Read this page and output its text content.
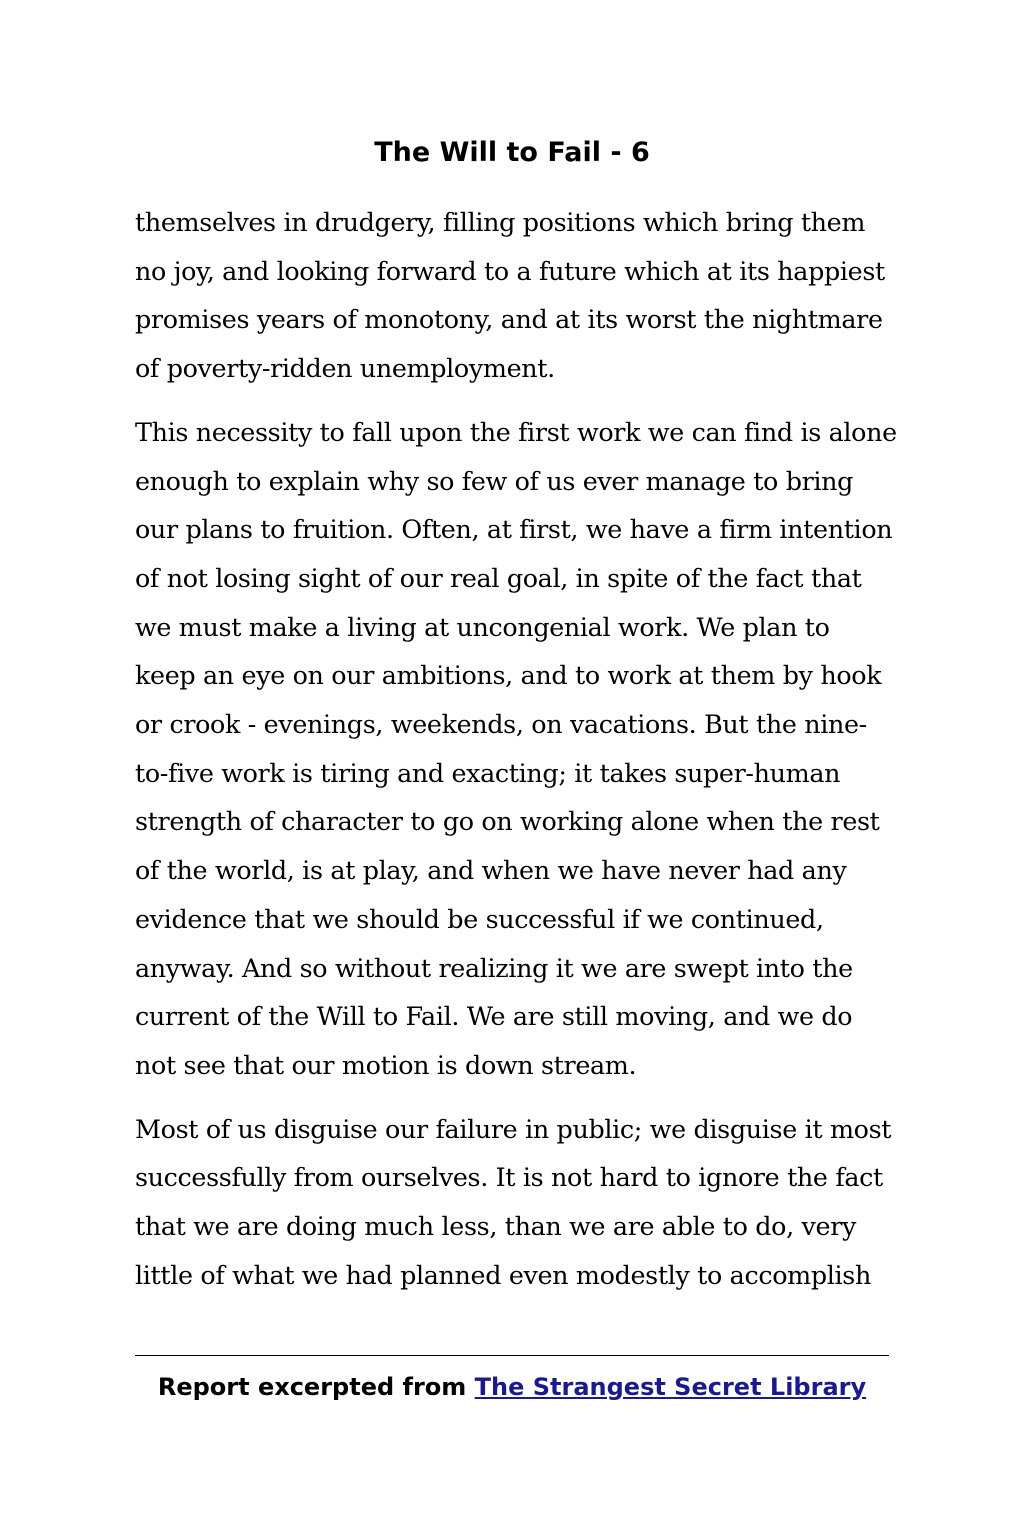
The Will to Fail - 6

themselves in drudgery, filling positions which bring them
no joy, and looking forward to a future which at its happiest
promises years of monotony, and at its worst the nightmare
of poverty-ridden unemployment.

This necessity to fall upon the first work we can find is alone
enough to explain why so few of us ever manage to bring
our plans to fruition. Often, at first, we have a firm intention
of not losing sight of our real goal, in spite of the fact that
we must make a living at uncongenial work. We plan to
keep an eye on our ambitions, and to work at them by hook
or crook - evenings, weekends, on vacations. But the nine-
to-five work is tiring and exacting; it takes super-human
strength of character to go on working alone when the rest
of the world, is at play, and when we have never had any
evidence that we should be successful if we continued,
anyway. And so without realizing it we are swept into the
current of the Will to Fail. We are still moving, and we do
not see that our motion is down stream.

Most of us disguise our failure in public; we disguise it most
successfully from ourselves. It is not hard to ignore the fact
that we are doing much less, than we are able to do, very
little of what we had planned even modestly to accomplish

Report excerpted from The Strangest Secret Library
